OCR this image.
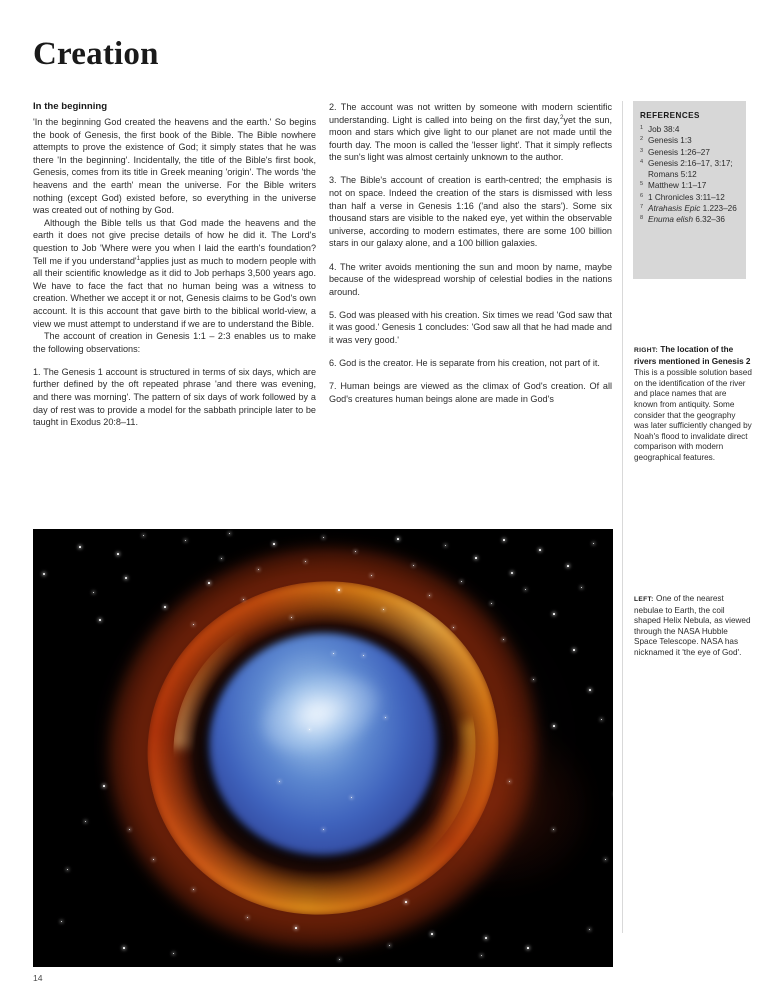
Creation
In the beginning

'In the beginning God created the heavens and the earth.' So begins the book of Genesis, the first book of the Bible. The Bible nowhere attempts to prove the existence of God; it simply states that he was there 'In the beginning'. Incidentally, the title of the Bible's first book, Genesis, comes from its title in Greek meaning 'origin'. The words 'the heavens and the earth' mean the universe. For the Bible writers nothing (except God) existed before, so everything in the universe was created out of nothing by God.

Although the Bible tells us that God made the heavens and the earth it does not give precise details of how he did it. The Lord's question to Job 'Where were you when I laid the earth's foundation? Tell me if you $understand'^1applies$ just as much to modern people with all their scientific knowledge as it did to Job perhaps 3,500 years ago. We have to face the fact that no human being was a witness to creation. Whether we accept it or not, Genesis claims to be God's own account. It is this account that gave birth to the biblical world-view, a view we must attempt to understand if we are to understand the Bible.

The account of creation in Genesis 1:1 – 2:3 enables us to make the following observations:

1. The Genesis 1 account is structured in terms of six days, which are further defined by the oft repeated phrase 'and there was evening, and there was morning'. The pattern of six days of work followed by a day of rest was to provide a model for the sabbath principle later to be taught in Exodus 20:8–11.

2. The account was not written by someone with modern scientific understanding. Light is called into being on the first day,$^2$yet the sun, moon and stars which give light to our planet are not made until the fourth day. The moon is called the 'lesser light'. That it simply reflects the sun's light was almost certainly unknown to the author.

3. The Bible's account of creation is earth-centred; the emphasis is not on space. Indeed the creation of the stars is dismissed with less than half a verse in Genesis 1:16 ('and also the stars'). Some six thousand stars are visible to the naked eye, yet within the observable universe, according to modern estimates, there are some 100 billion stars in our galaxy alone, and a 100 billion galaxies.

4. The writer avoids mentioning the sun and moon by name, maybe because of the widespread worship of celestial bodies in the nations around.

5. God was pleased with his creation. Six times we read 'God saw that it was good.' Genesis 1 concludes: 'God saw all that he had made and it was very good.'

6. God is the creator. He is separate from his creation, not part of it.

7. Human beings are viewed as the climax of God's creation. Of all God's creatures human beings alone are made in God's

REFERENCES
Job 38:4
Genesis 1:3
Genesis 1:26–27
Genesis 2:16–17, 3:17; Romans 5:12
Matthew 1:1–17
1 Chronicles 3:11–12
Atrahasis Epic 1.223–26
Enuma elish 6.32–36
RIGHT: The location of the rivers mentioned in Genesis 2
This is a possible solution based on the identification of the river and place names that are known from antiquity. Some consider that the geography was later sufficiently changed by Noah's flood to invalidate direct comparison with modern geographical features.
LEFT: One of the nearest nebulae to Earth, the coil shaped Helix Nebula, as viewed through the NASA Hubble Space Telescope. NASA has nicknamed it 'the eye of God'.
14
